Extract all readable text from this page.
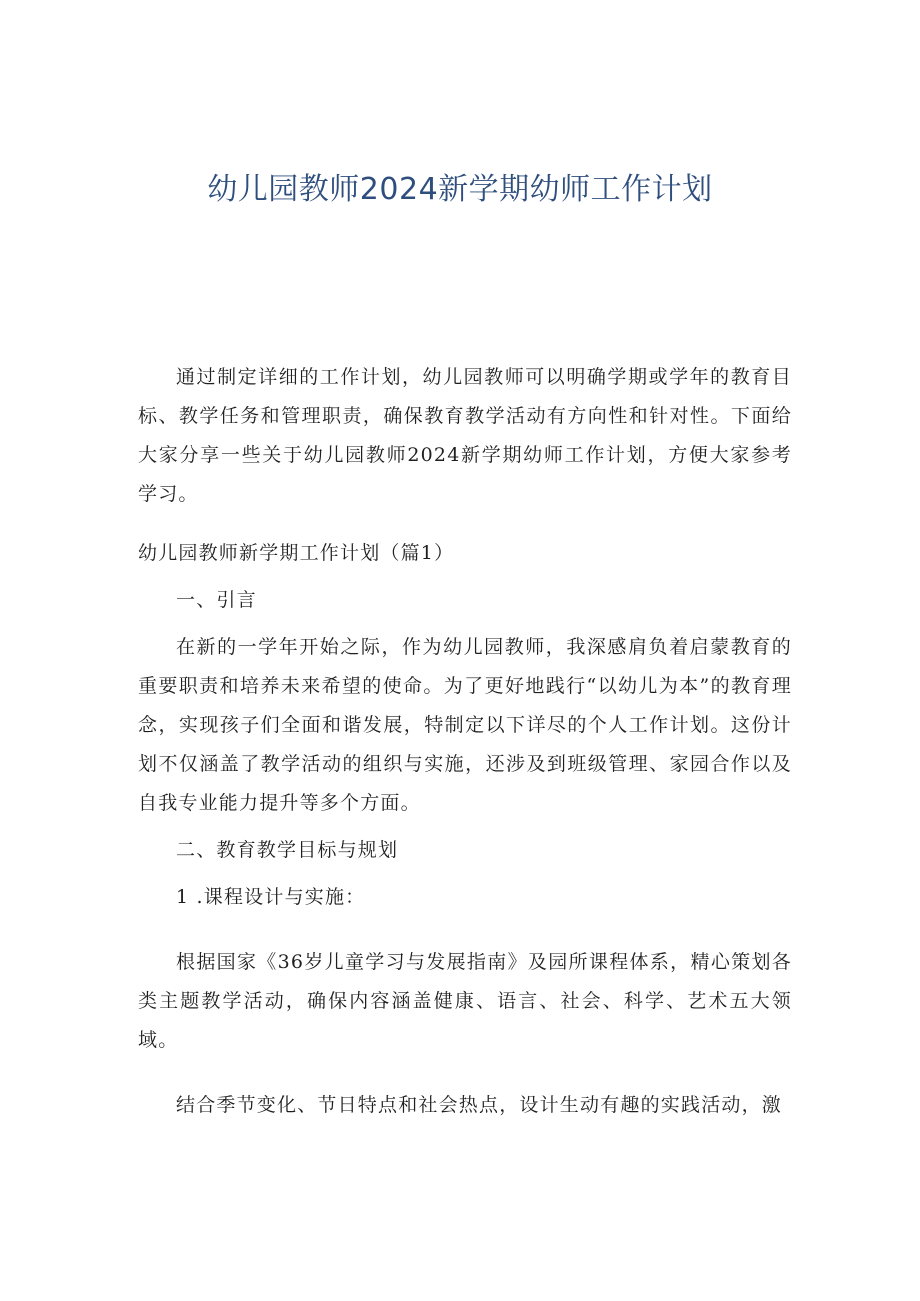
幼儿园教师2024新学期幼师工作计划

通过制定详细的工作计划，幼儿园教师可以明确学期或学年的教育目标、教学任务和管理职责，确保教育教学活动有方向性和针对性。下面给大家分享一些关于幼儿园教师2024新学期幼师工作计划，方便大家参考学习。

幼儿园教师新学期工作计划（篇1）

一、引言

在新的一学年开始之际，作为幼儿园教师，我深感肩负着启蒙教育的重要职责和培养未来希望的使命。为了更好地践行“以幼儿为本”的教育理念，实现孩子们全面和谐发展，特制定以下详尽的个人工作计划。这份计划不仅涵盖了教学活动的组织与实施，还涉及到班级管理、家园合作以及自我专业能力提升等多个方面。

二、教育教学目标与规划

1 .课程设计与实施：

根据国家《36岁儿童学习与发展指南》及园所课程体系，精心策划各类主题教学活动，确保内容涵盖健康、语言、社会、科学、艺术五大领域。

结合季节变化、节日特点和社会热点，设计生动有趣的实践活动，激
